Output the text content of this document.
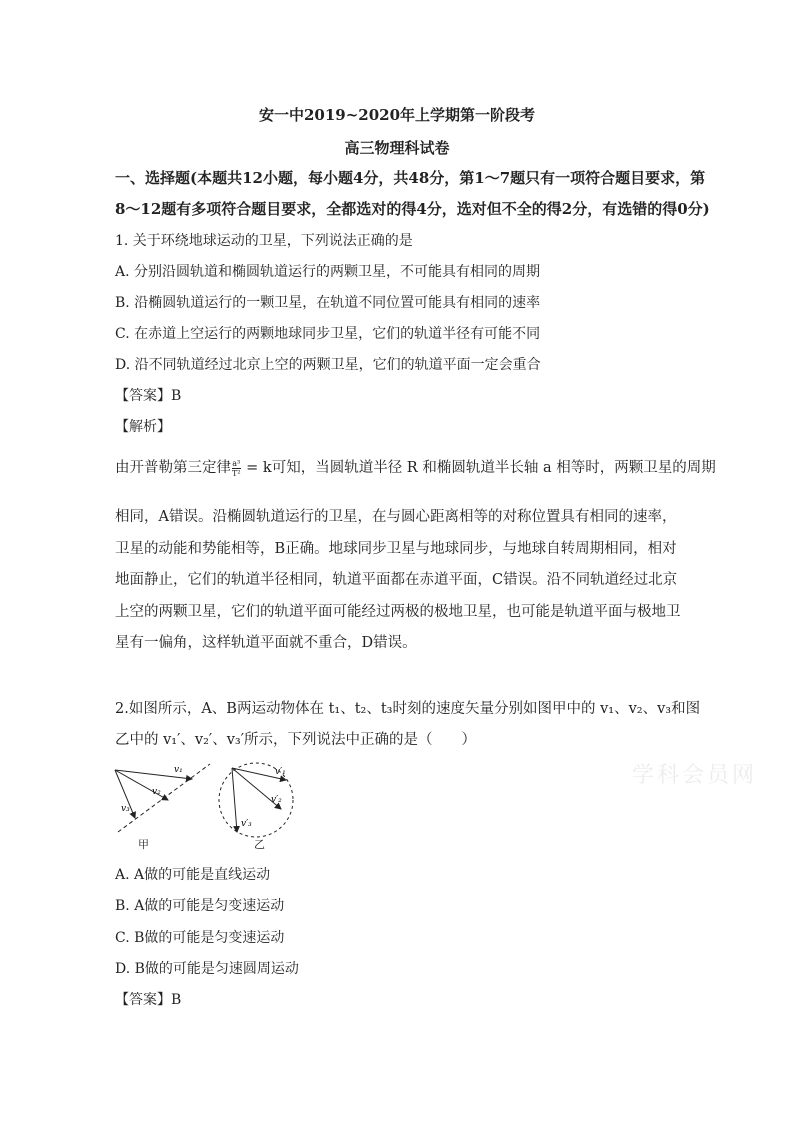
安一中2019~2020年上学期第一阶段考
高三物理科试卷
一、选择题(本题共12小题，每小题4分，共48分，第1～7题只有一项符合题目要求，第
8～12题有多项符合题目要求，全都选对的得4分，选对但不全的得2分，有选错的得0分)
1. 关于环绕地球运动的卫星，下列说法正确的是
A. 分别沿圆轨道和椭圆轨道运行的两颗卫星，不可能具有相同的周期
B. 沿椭圆轨道运行的一颗卫星，在轨道不同位置可能具有相同的速率
C. 在赤道上空运行的两颗地球同步卫星，它们的轨道半径有可能不同
D. 沿不同轨道经过北京上空的两颗卫星，它们的轨道平面一定会重合
【答案】B
【解析】
由开普勒第三定律 $\frac{\text{a³}}{\text{T²}} = k$可知，当圆轨道半径 R 和椭圆轨道半长轴 a 相等时，两颗卫星的周期
相同，A错误。沿椭圆轨道运行的卫星，在与圆心距离相等的对称位置具有相同的速率，卫星的动能和势能相等，B正确。地球同步卫星与地球同步，与地球自转周期相同，相对地面静止，它们的轨道半径相同，轨道平面都在赤道平面，C错误。沿不同轨道经过北京上空的两颗卫星，它们的轨道平面可能经过两极的极地卫星，也可能是轨道平面与极地卫星有一偏角，这样轨道平面就不重合，D错误。
2.如图所示，A、B两运动物体在 t₁、t₂、t₃时刻的速度矢量分别如图甲中的 v₁、v₂、v₃和图
乙中的 v₁′、v₂′、v₃′所示，下列说法中正确的是（　　）
v₁
v₂
v₃
v′₁
v′₂
v′₃
甲	乙
A. A做的可能是直线运动
B. A做的可能是匀变速运动
C. B做的可能是匀变速运动
D. B做的可能是匀速圆周运动
【答案】B
学科会员网
